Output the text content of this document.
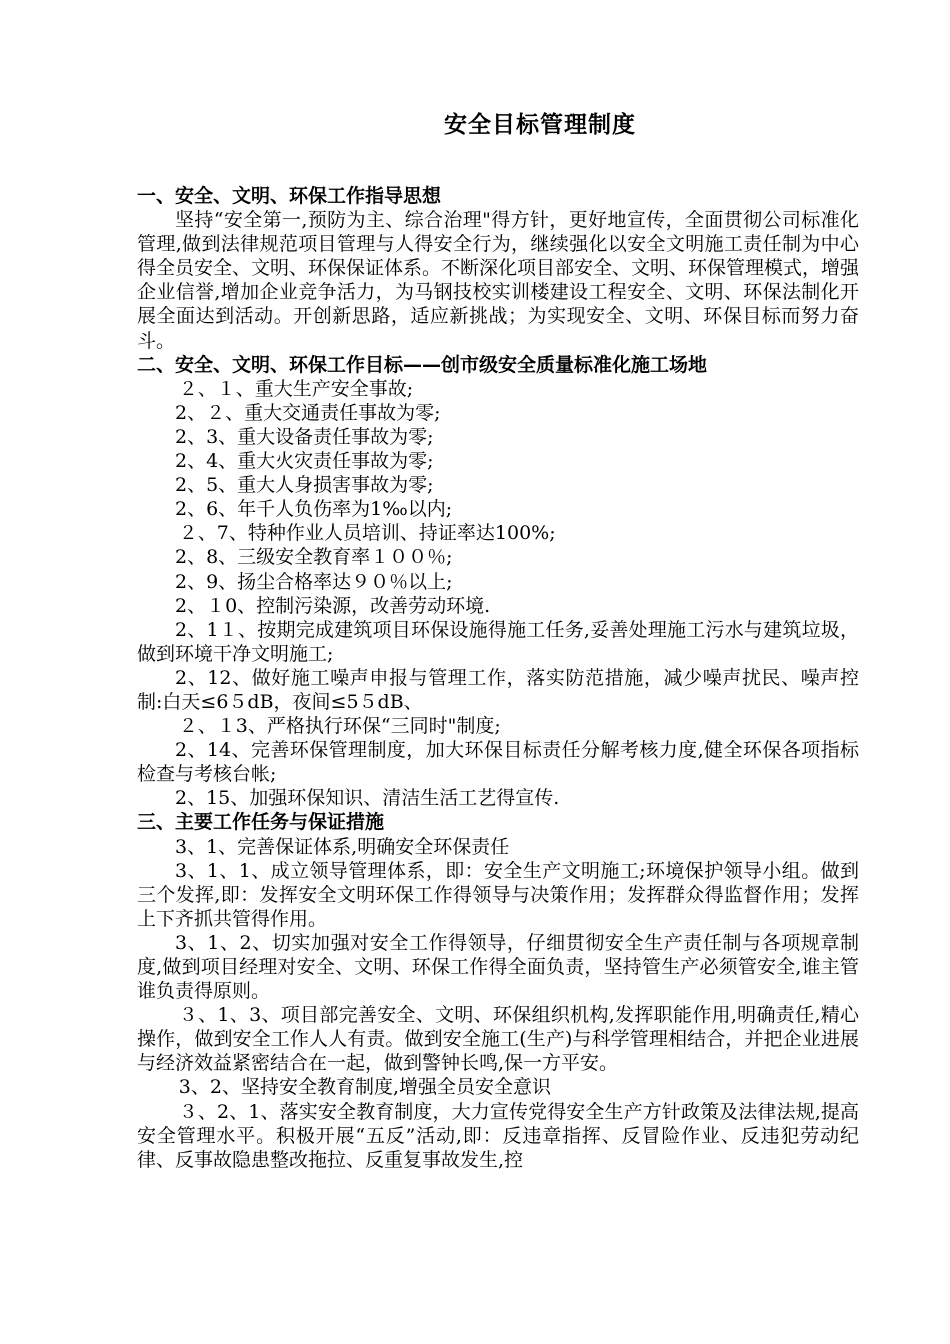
安全目标管理制度

一、安全、文明、环保工作指导思想

坚持“安全第一,预防为主、综合治理"得方针，更好地宣传，全面贯彻公司标准化管理,做到法律规范项目管理与人得安全行为，继续强化以安全文明施工责任制为中心得全员安全、文明、环保保证体系。不断深化项目部安全、文明、环保管理模式，增强企业信誉,增加企业竞争活力，为马钢技校实训楼建设工程安全、文明、环保法制化开展全面达到活动。开创新思路，适应新挑战；为实现安全、文明、环保目标而努力奋斗。

二、安全、文明、环保工作目标——创市级安全质量标准化施工场地

２、１、重大生产安全事故;

2、２、重大交通责任事故为零;

2、3、重大设备责任事故为零;

2、4、重大火灾责任事故为零;

2、5、重大人身损害事故为零;

2、6、年千人负伤率为1‰以内;

２、7、特种作业人员培训、持证率达100%;

2、8、三级安全教育率１００％;

2、9、扬尘合格率达９０％以上;

2、１0、控制污染源，改善劳动环境.

2、1１、按期完成建筑项目环保设施得施工任务,妥善处理施工污水与建筑垃圾，做到环境干净文明施工;

2、12、做好施工噪声申报与管理工作，落实防范措施，减少噪声扰民、噪声控制:白天≤6５dB，夜间≤5５dB、

２、１3、严格执行环保“三同时"制度;

2、14、完善环保管理制度，加大环保目标责任分解考核力度,健全环保各项指标检查与考核台帐;

2、15、加强环保知识、清洁生活工艺得宣传.

三、主要工作任务与保证措施

3、1、完善保证体系,明确安全环保责任

3、1、1、成立领导管理体系，即：安全生产文明施工;环境保护领导小组。做到三个发挥,即：发挥安全文明环保工作得领导与决策作用；发挥群众得监督作用；发挥上下齐抓共管得作用。

3、1、2、切实加强对安全工作得领导，仔细贯彻安全生产责任制与各项规章制度,做到项目经理对安全、文明、环保工作得全面负责，坚持管生产必须管安全,谁主管谁负责得原则。

３、1、3、项目部完善安全、文明、环保组织机构,发挥职能作用,明确责任,精心操作，做到安全工作人人有责。做到安全施工(生产)与科学管理相结合，并把企业进展与经济效益紧密结合在一起，做到警钟长鸣,保一方平安。

3、2、坚持安全教育制度,增强全员安全意识

３、2、1、落实安全教育制度，大力宣传党得安全生产方针政策及法律法规,提高安全管理水平。积极开展“五反”活动,即：反违章指挥、反冒险作业、反违犯劳动纪律、反事故隐患整改拖拉、反重复事故发生,控
